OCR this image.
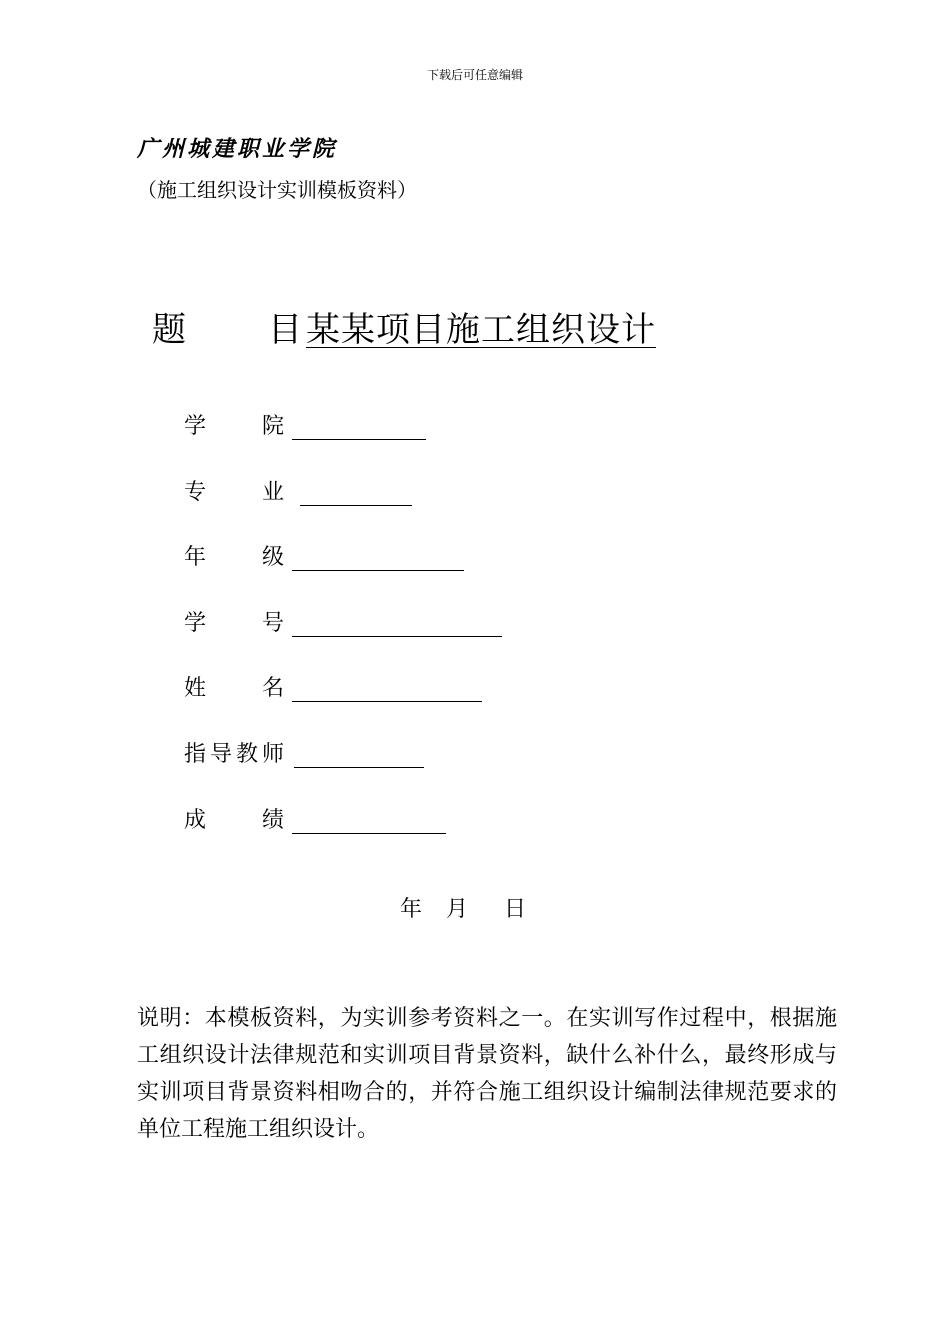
下载后可任意编辑
广州城建职业学院
（施工组织设计实训模板资料）
题 目 某某项目施工组织设计
学	院
专	业
年	级
学	号
姓	名
指导教师
成	绩
年 月 日
说明：本模板资料，为实训参考资料之一。在实训写作过程中，根据施工组织设计法律规范和实训项目背景资料，缺什么补什么，最终形成与实训项目背景资料相吻合的，并符合施工组织设计编制法律规范要求的单位工程施工组织设计。
